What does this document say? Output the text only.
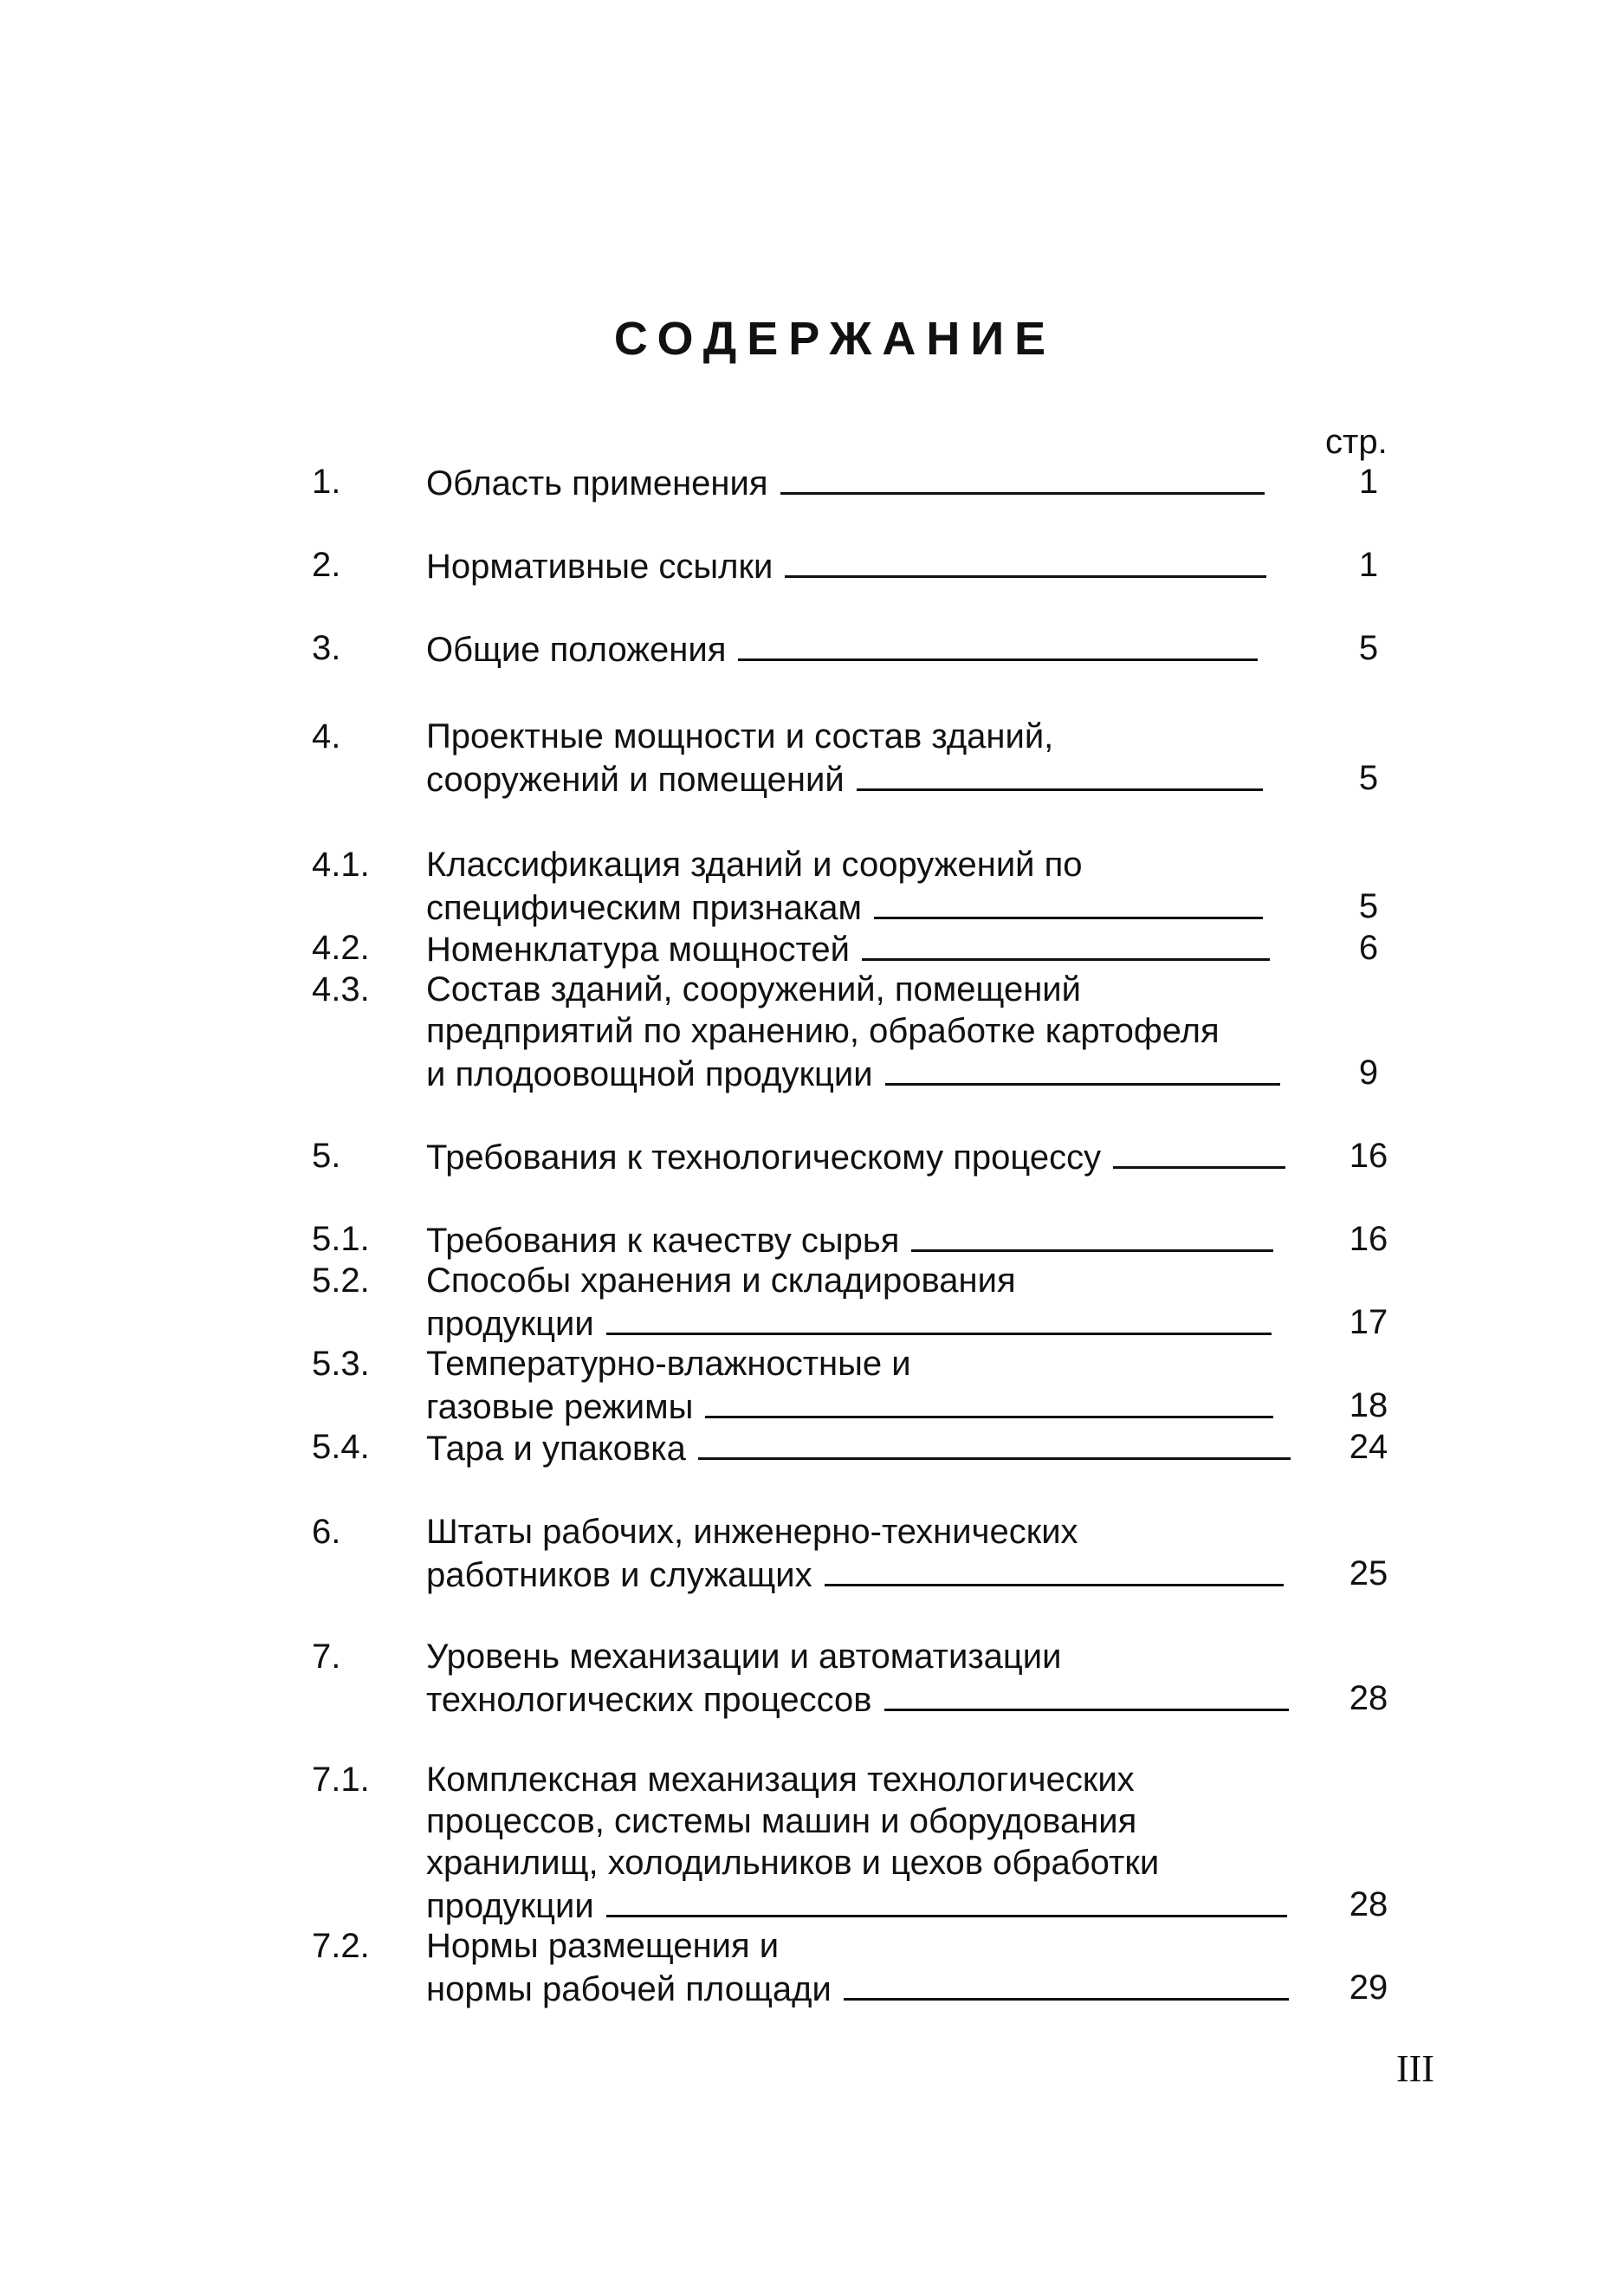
СОДЕРЖАНИЕ
стр.
1. Область применения	1
2. Нормативные ссылки	1
3. Общие положения	5
4. Проектные мощности и состав зданий,
сооружений и помещений	5
4.1. Классификация зданий и сооружений по
специфическим признакам	5
4.2. Номенклатура мощностей	6
4.3. Состав зданий, сооружений, помещений
предприятий по хранению, обработке картофеля
и плодоовощной продукции	9
5. Требования к технологическому процессу	16
5.1. Требования к качеству сырья	16
5.2. Способы хранения и складирования
продукции	17
5.3. Температурно-влажностные и
газовые режимы	18
5.4. Тара и упаковка	24
6. Штаты рабочих, инженерно-технических
работников и служащих	25
7. Уровень механизации и автоматизации
технологических процессов	28
7.1. Комплексная механизация технологических
процессов, системы машин и оборудования
хранилищ, холодильников и цехов обработки
продукции	28
7.2. Нормы размещения и
нормы рабочей площади	29
III
